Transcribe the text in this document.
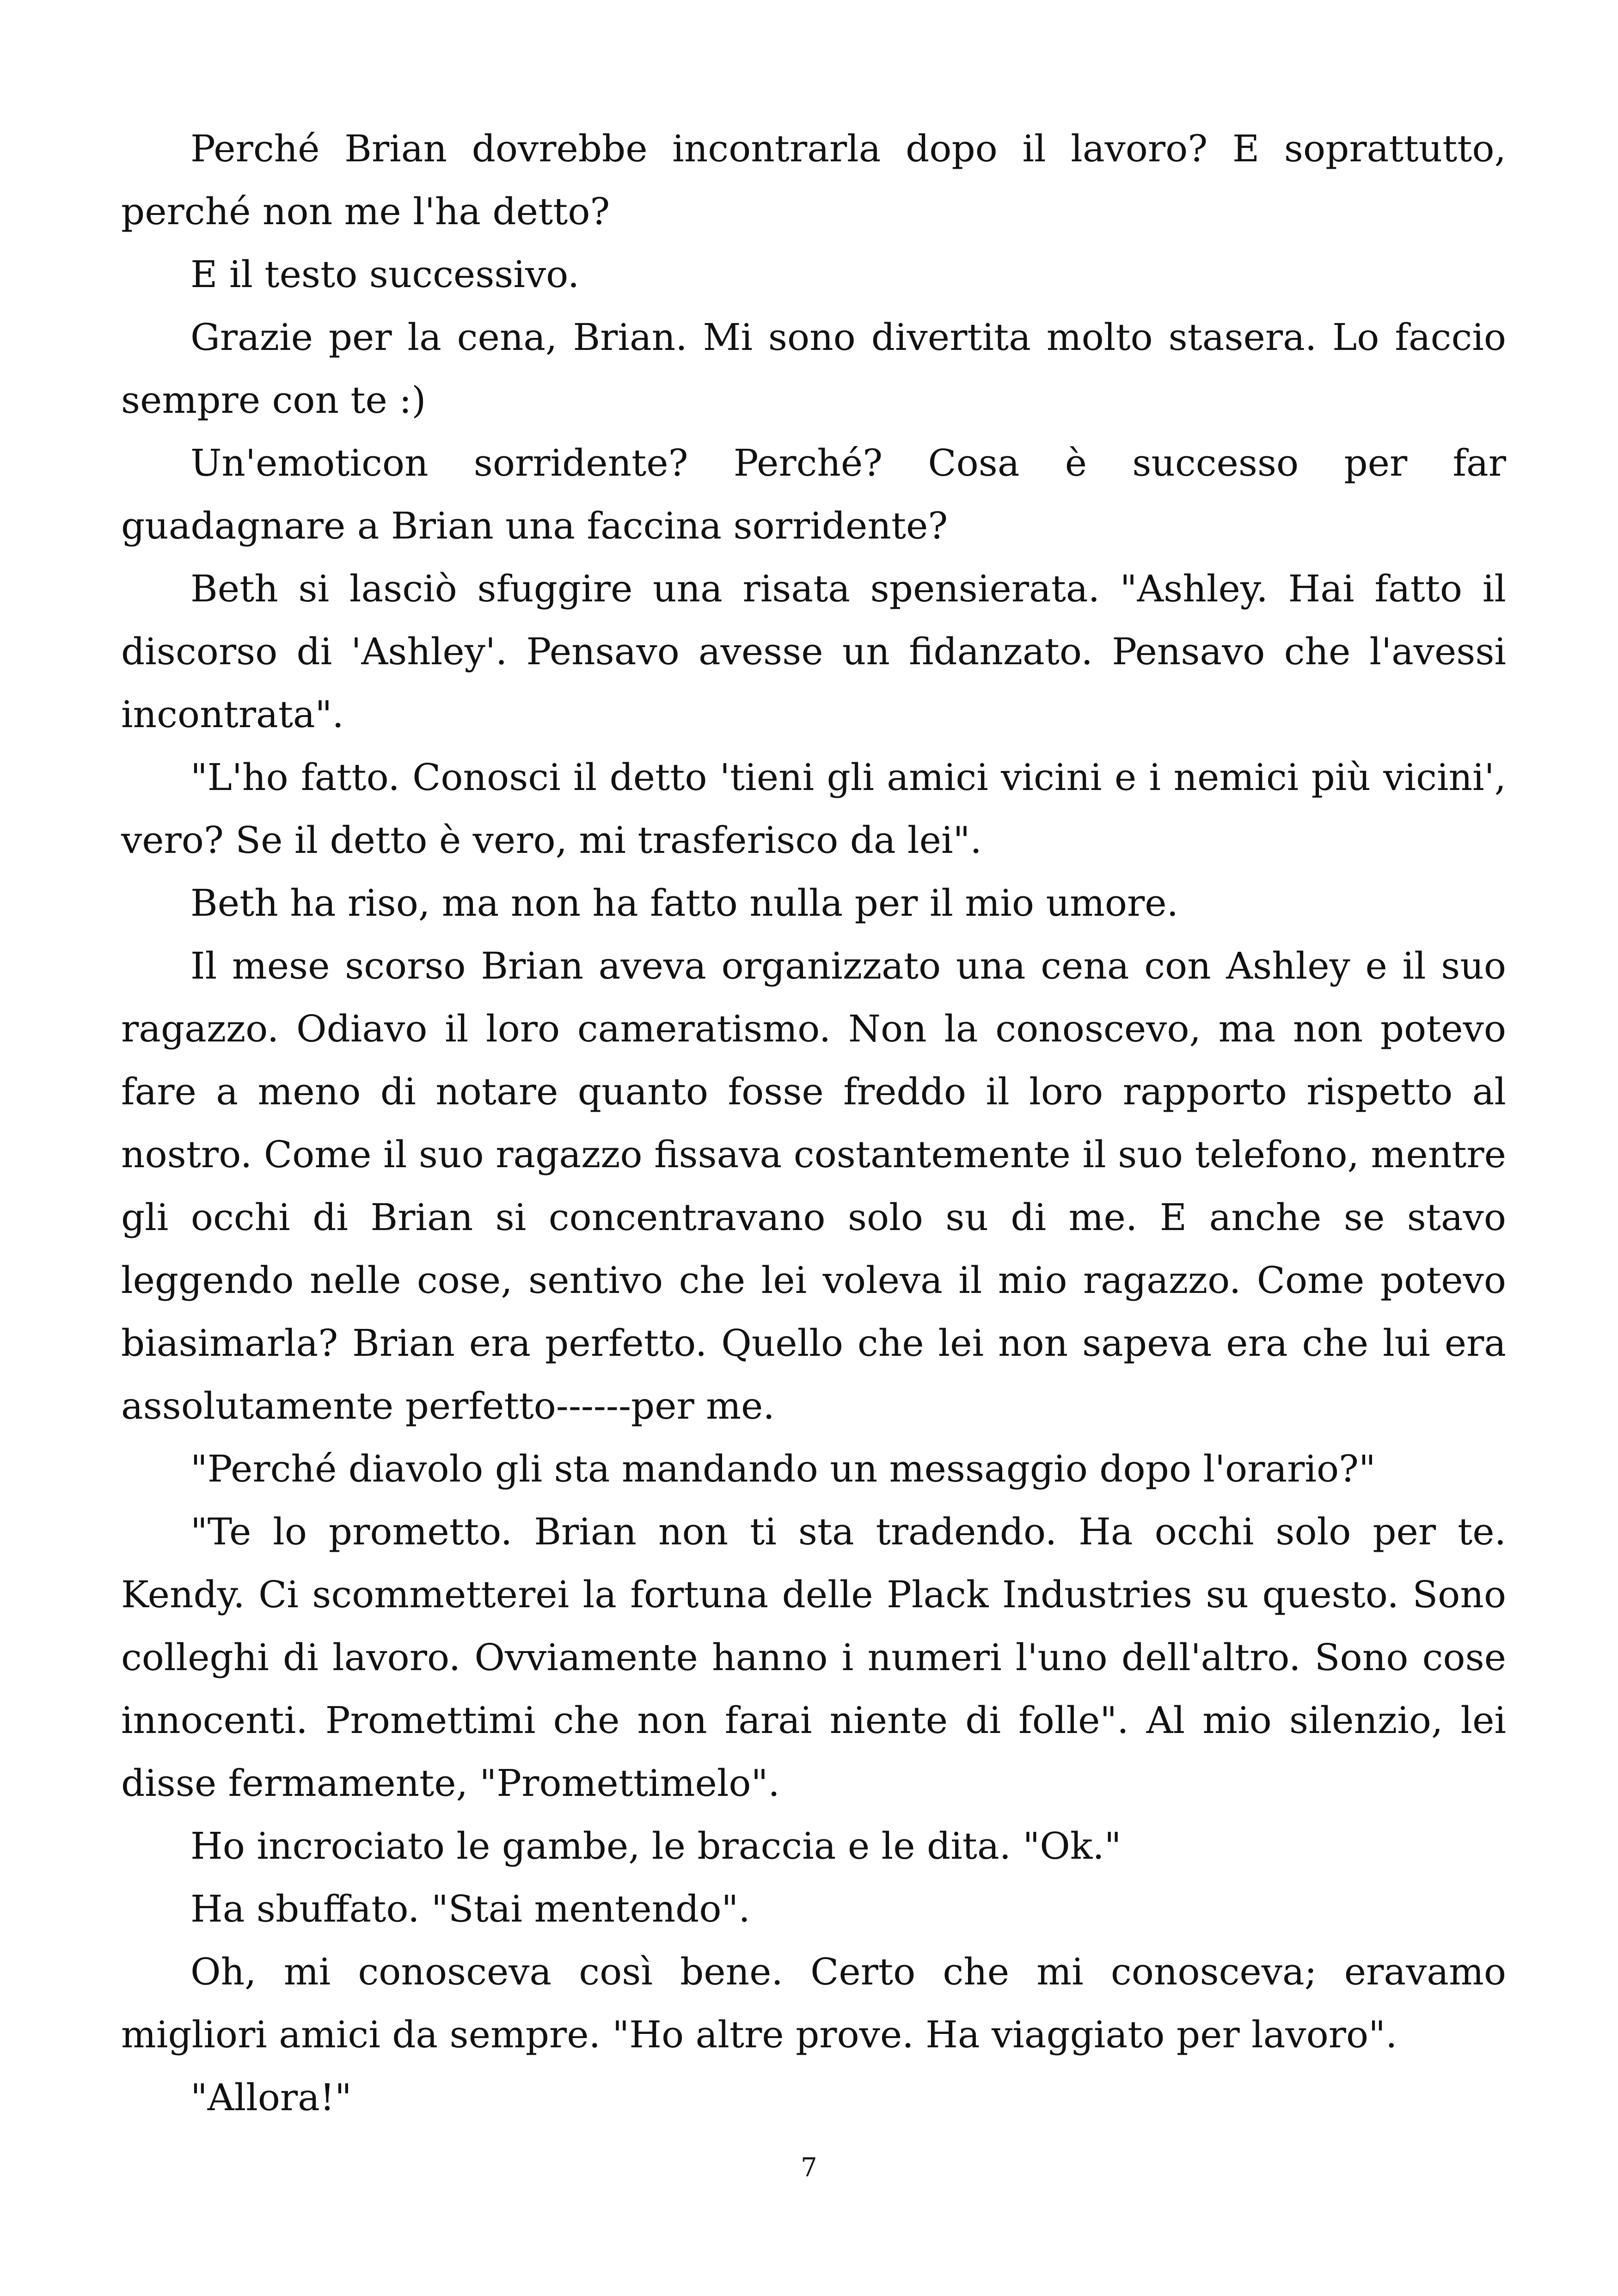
Perché Brian dovrebbe incontrarla dopo il lavoro? E soprattutto, perché non me l'ha detto?

E il testo successivo.

Grazie per la cena, Brian. Mi sono divertita molto stasera. Lo faccio sempre con te :)

Un'emoticon sorridente? Perché? Cosa è successo per far guadagnare a Brian una faccina sorridente?

Beth si lasciò sfuggire una risata spensierata. "Ashley. Hai fatto il discorso di 'Ashley'. Pensavo avesse un fidanzato. Pensavo che l'avessi incontrata".

"L'ho fatto. Conosci il detto 'tieni gli amici vicini e i nemici più vicini', vero? Se il detto è vero, mi trasferisco da lei".

Beth ha riso, ma non ha fatto nulla per il mio umore.

Il mese scorso Brian aveva organizzato una cena con Ashley e il suo ragazzo. Odiavo il loro cameratismo. Non la conoscevo, ma non potevo fare a meno di notare quanto fosse freddo il loro rapporto rispetto al nostro. Come il suo ragazzo fissava costantemente il suo telefono, mentre gli occhi di Brian si concentravano solo su di me. E anche se stavo leggendo nelle cose, sentivo che lei voleva il mio ragazzo. Come potevo biasimarla? Brian era perfetto. Quello che lei non sapeva era che lui era assolutamente perfetto------per me.

"Perché diavolo gli sta mandando un messaggio dopo l'orario?"

"Te lo prometto. Brian non ti sta tradendo. Ha occhi solo per te. Kendy. Ci scommetterei la fortuna delle Plack Industries su questo. Sono colleghi di lavoro. Ovviamente hanno i numeri l'uno dell'altro. Sono cose innocenti. Promettimi che non farai niente di folle". Al mio silenzio, lei disse fermamente, "Promettimelo".

Ho incrociato le gambe, le braccia e le dita. "Ok."

Ha sbuffato. "Stai mentendo".

Oh, mi conosceva così bene. Certo che mi conosceva; eravamo migliori amici da sempre. "Ho altre prove. Ha viaggiato per lavoro".

"Allora!"

7
